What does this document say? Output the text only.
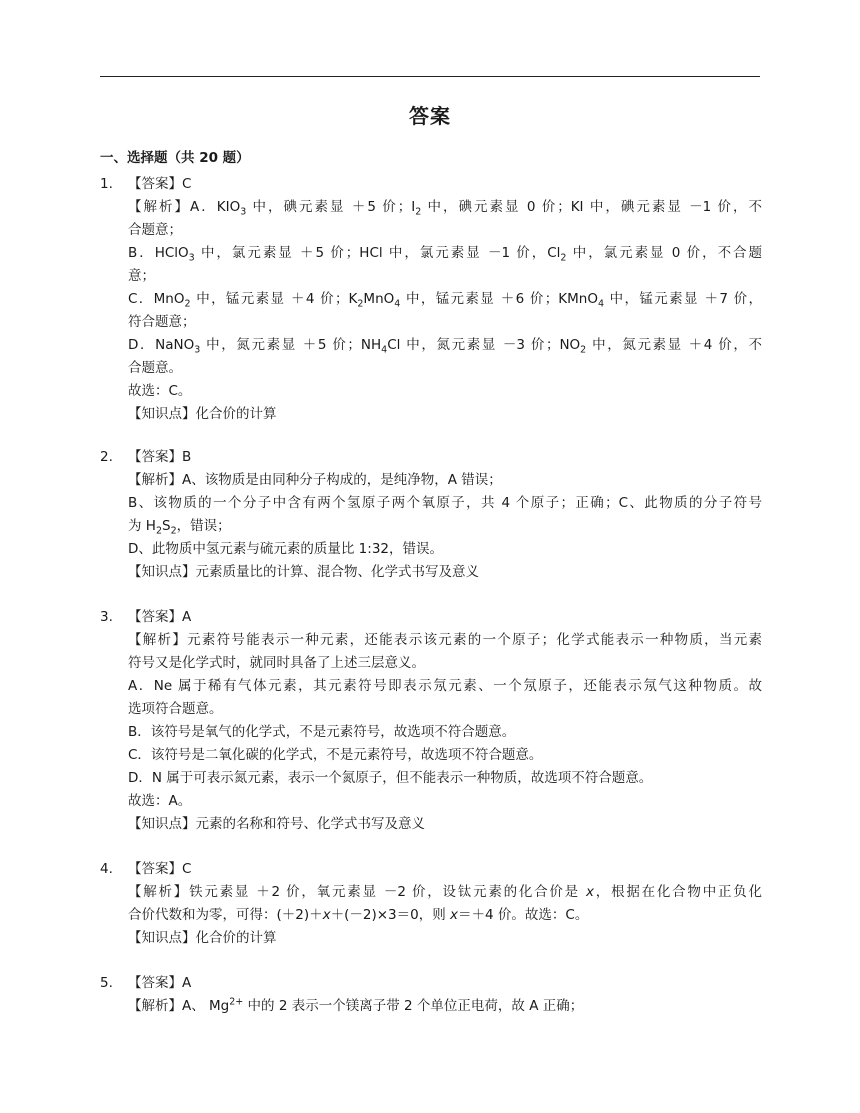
答案
一、选择题（共 20 题）
1.	【答案】C
【解析】A．$KIO_3$ 中，碘元素显 ＋5 价；$I_2$ 中，碘元素显 0 价；KI 中，碘元素显 －1 价，不
合题意；
B．HClO$_3$ 中，氯元素显 ＋5 价；HCl 中，氯元素显 －1 价，$Cl_2$ 中，氯元素显 0 价，不合题
意；
C．MnO$_2$ 中，锰元素显 ＋4 价；$K_2MnO_4$ 中，锰元素显 ＋6 价；KMnO$_4$ 中，锰元素显 ＋7 价，
符合题意；
D．NaNO$_3$ 中，氮元素显 ＋5 价；$NH_4Cl$ 中，氮元素显 －3 价；$NO_2$ 中，氮元素显 ＋4 价，不
合题意。
故选：C。
【知识点】化合价的计算
2.	【答案】B
【解析】A、该物质是由同种分子构成的，是纯净物，A 错误；
B、该物质的一个分子中含有两个氢原子两个氧原子，共 4 个原子；正确；C、此物质的分子符号
为 $H_2S_2$，错误；
D、此物质中氢元素与硫元素的质量比 1:32，错误。
【知识点】元素质量比的计算、混合物、化学式书写及意义
3.	【答案】A
【解析】元素符号能表示一种元素，还能表示该元素的一个原子；化学式能表示一种物质，当元素
符号又是化学式时，就同时具备了上述三层意义。
A．Ne 属于稀有气体元素，其元素符号即表示氖元素、一个氖原子，还能表示氖气这种物质。故
选项符合题意。
B．该符号是氧气的化学式，不是元素符号，故选项不符合题意。
C．该符号是二氧化碳的化学式，不是元素符号，故选项不符合题意。
D．N 属于可表示氮元素，表示一个氮原子，但不能表示一种物质，故选项不符合题意。
故选：A。
【知识点】元素的名称和符号、化学式书写及意义
4.	【答案】C
【解析】铁元素显 ＋2 价，氧元素显 －2 价，设钛元素的化合价是 x，根据在化合物中正负化
合价代数和为零，可得：(＋2)＋x＋(－2)×3＝0，则 x＝＋4 价。故选：C。
【知识点】化合价的计算
5.	【答案】A
【解析】A、 $Mg^{2+}$ 中的 2 表示一个镁离子带 2 个单位正电荷，故 A 正确；
